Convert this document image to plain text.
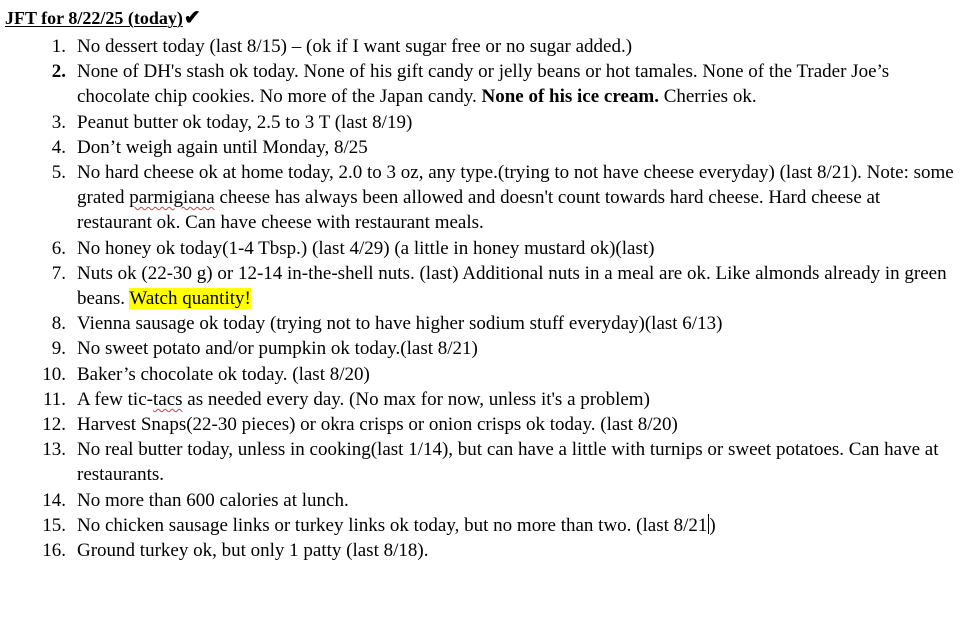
JFT for 8/22/25 (today)✔
1. No dessert today (last 8/15) – (ok if I want sugar free or no sugar added.)
2. None of DH's stash ok today. None of his gift candy or jelly beans or hot tamales. None of the Trader Joe’s chocolate chip cookies. No more of the Japan candy. None of his ice cream. Cherries ok.
3. Peanut butter ok today, 2.5 to 3 T (last 8/19)
4. Don’t weigh again until Monday, 8/25
5. No hard cheese ok at home today, 2.0 to 3 oz, any type.(trying to not have cheese everyday) (last 8/21). Note: some grated parmigiana cheese has always been allowed and doesn't count towards hard cheese. Hard cheese at restaurant ok. Can have cheese with restaurant meals.
6. No honey ok today(1-4 Tbsp.) (last 4/29) (a little in honey mustard ok)(last)
7. Nuts ok (22-30 g) or 12-14 in-the-shell nuts. (last) Additional nuts in a meal are ok. Like almonds already in green beans. Watch quantity!
8. Vienna sausage ok today (trying not to have higher sodium stuff everyday)(last 6/13)
9. No sweet potato and/or pumpkin ok today.(last 8/21)
10. Baker’s chocolate ok today. (last 8/20)
11. A few tic-tacs as needed every day. (No max for now, unless it's a problem)
12. Harvest Snaps(22-30 pieces) or okra crisps or onion crisps ok today. (last 8/20)
13. No real butter today, unless in cooking(last 1/14), but can have a little with turnips or sweet potatoes. Can have at restaurants.
14. No more than 600 calories at lunch.
15. No chicken sausage links or turkey links ok today, but no more than two. (last 8/21 )
16. Ground turkey ok, but only 1 patty (last 8/18).
